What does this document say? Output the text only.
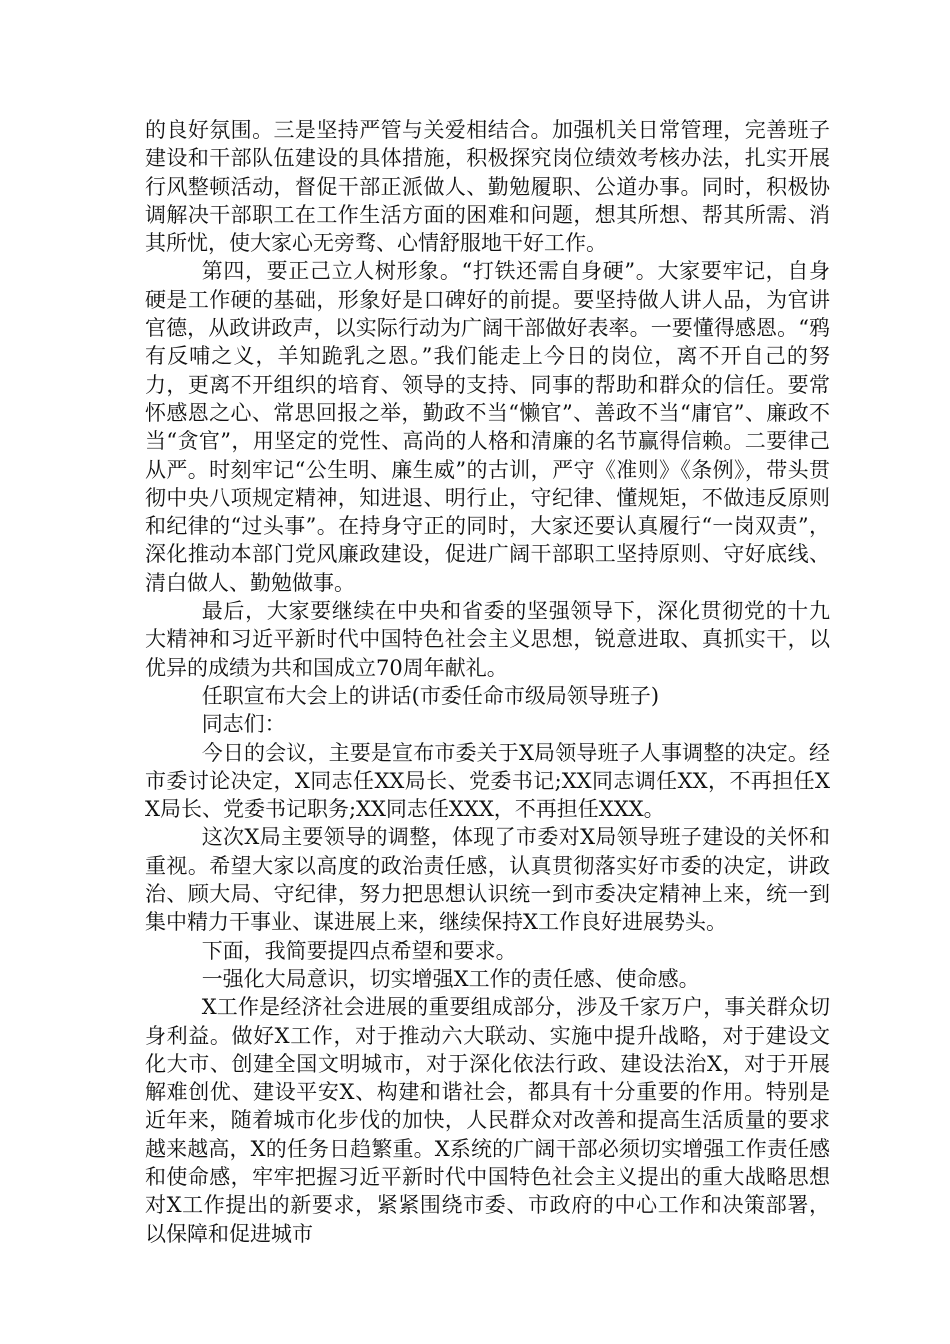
的良好氛围。三是坚持严管与关爱相结合。加强机关日常管理，完善班子建设和干部队伍建设的具体措施，积极探究岗位绩效考核办法，扎实开展行风整顿活动，督促干部正派做人、勤勉履职、公道办事。同时，积极协调解决干部职工在工作生活方面的困难和问题，想其所想、帮其所需、消其所忧，使大家心无旁骛、心情舒服地干好工作。

第四，要正己立人树形象。“打铁还需自身硬”。大家要牢记，自身硬是工作硬的基础，形象好是口碑好的前提。要坚持做人讲人品，为官讲官德，从政讲政声，以实际行动为广阔干部做好表率。一要懂得感恩。“鸦有反哺之义，羊知跪乳之恩。”我们能走上今日的岗位，离不开自己的努力，更离不开组织的培育、领导的支持、同事的帮助和群众的信任。要常怀感恩之心、常思回报之举，勤政不当“懒官”、善政不当“庸官”、廉政不当“贪官”，用坚定的党性、高尚的人格和清廉的名节赢得信赖。二要律己从严。时刻牢记“公生明、廉生威”的古训，严守《准则》《条例》，带头贯彻中央八项规定精神，知进退、明行止，守纪律、懂规矩，不做违反原则和纪律的“过头事”。在持身守正的同时，大家还要认真履行“一岗双责”，深化推动本部门党风廉政建设，促进广阔干部职工坚持原则、守好底线、清白做人、勤勉做事。

最后，大家要继续在中央和省委的坚强领导下，深化贯彻党的十九大精神和习近平新时代中国特色社会主义思想，锐意进取、真抓实干，以优异的成绩为共和国成立70周年献礼。

任职宣布大会上的讲话(市委任命市级局领导班子)

同志们：

今日的会议，主要是宣布市委关于X局领导班子人事调整的决定。经市委讨论决定，X同志任XX局长、党委书记;XX同志调任XX，不再担任XX局长、党委书记职务;XX同志任XXX，不再担任XXX。

这次X局主要领导的调整，体现了市委对X局领导班子建设的关怀和重视。希望大家以高度的政治责任感，认真贯彻落实好市委的决定，讲政治、顾大局、守纪律，努力把思想认识统一到市委决定精神上来，统一到集中精力干事业、谋进展上来，继续保持X工作良好进展势头。

下面，我简要提四点希望和要求。

一强化大局意识，切实增强X工作的责任感、使命感。

X工作是经济社会进展的重要组成部分，涉及千家万户，事关群众切身利益。做好X工作，对于推动六大联动、实施中提升战略，对于建设文化大市、创建全国文明城市，对于深化依法行政、建设法治X，对于开展解难创优、建设平安X、构建和谐社会，都具有十分重要的作用。特别是近年来，随着城市化步伐的加快，人民群众对改善和提高生活质量的要求越来越高，X的任务日趋繁重。X系统的广阔干部必须切实增强工作责任感和使命感，牢牢把握习近平新时代中国特色社会主义提出的重大战略思想对X工作提出的新要求，紧紧围绕市委、市政府的中心工作和决策部署，以保障和促进城市
